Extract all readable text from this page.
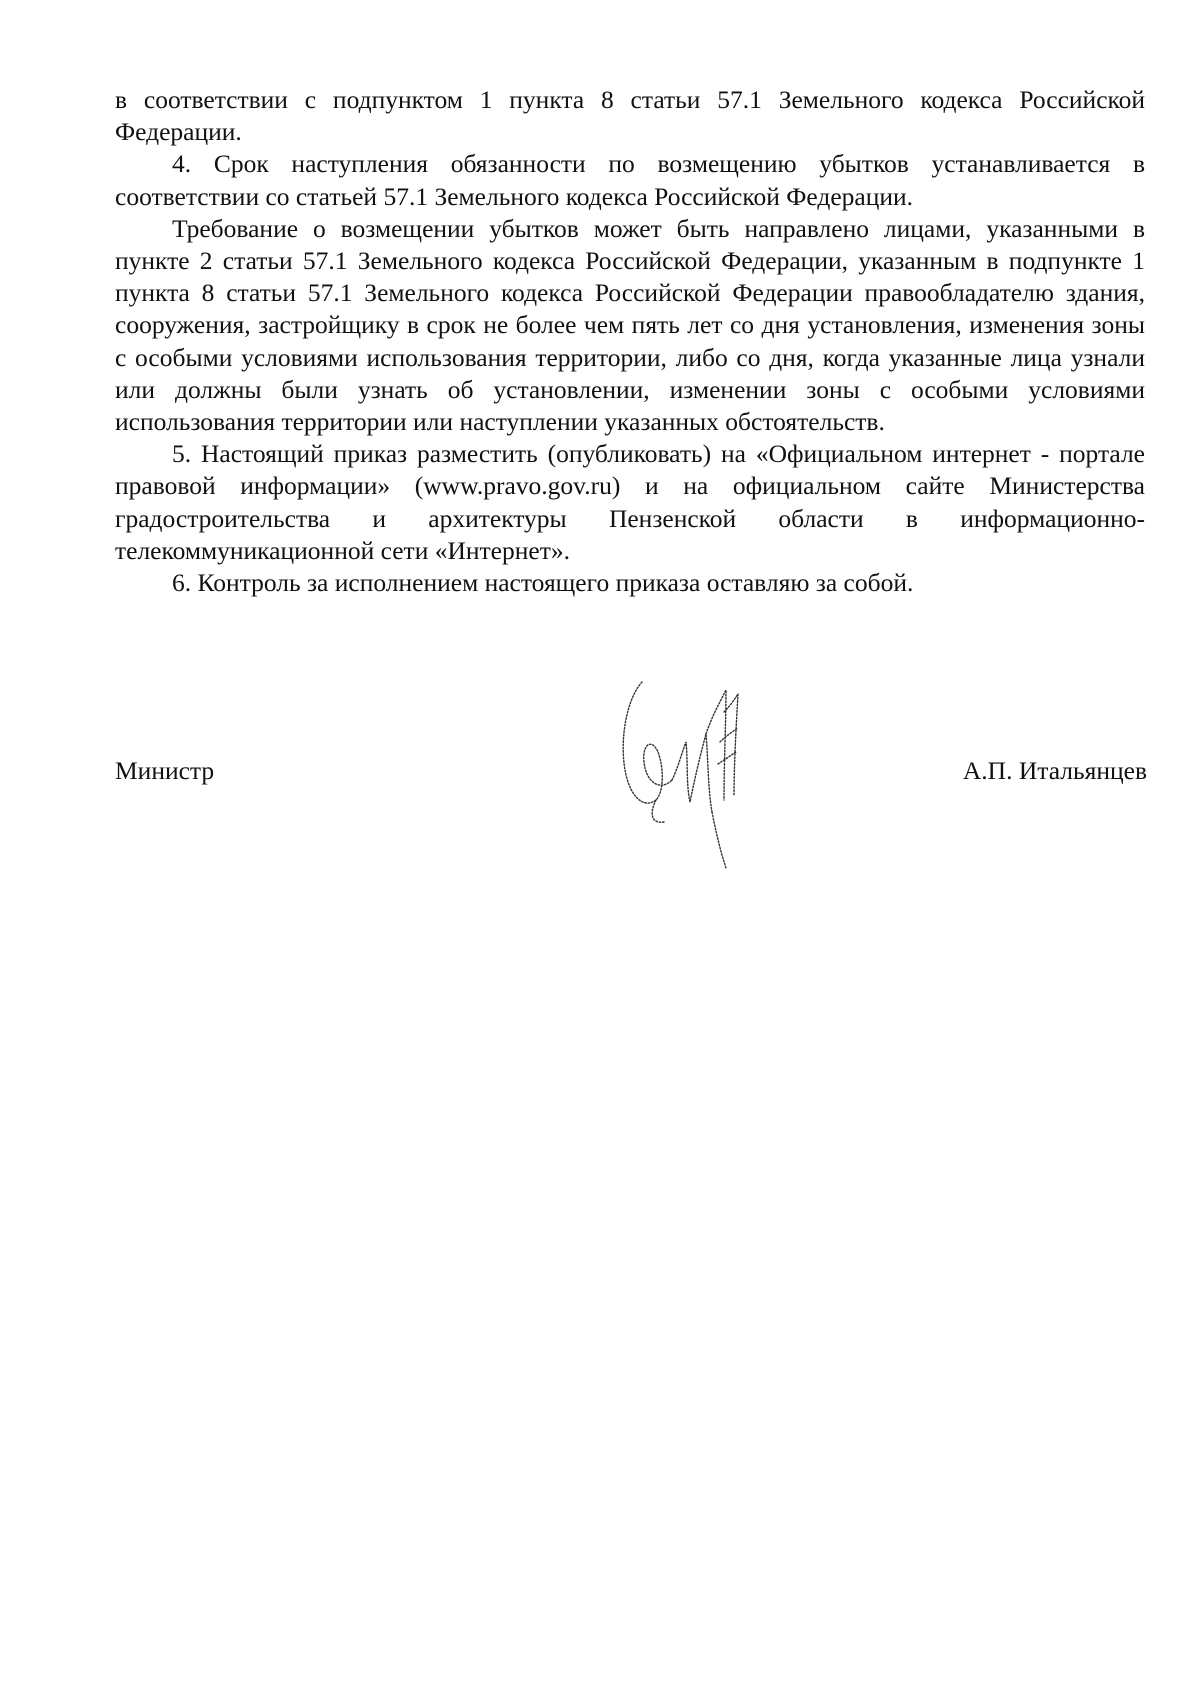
в соответствии с подпунктом 1 пункта 8 статьи 57.1 Земельного кодекса Российской Федерации.

4. Срок наступления обязанности по возмещению убытков устанавливается в соответствии со статьей 57.1 Земельного кодекса Российской Федерации.

Требование о возмещении убытков может быть направлено лицами, указанными в пункте 2 статьи 57.1 Земельного кодекса Российской Федерации, указанным в подпункте 1 пункта 8 статьи 57.1 Земельного кодекса Российской Федерации правообладателю здания, сооружения, застройщику в срок не более чем пять лет со дня установления, изменения зоны с особыми условиями использования территории, либо со дня, когда указанные лица узнали или должны были узнать об установлении, изменении зоны с особыми условиями использования территории или наступлении указанных обстоятельств.

5. Настоящий приказ разместить (опубликовать) на «Официальном интернет - портале правовой информации» (www.pravo.gov.ru) и на официальном сайте Министерства градостроительства и архитектуры Пензенской области в информационно-телекоммуникационной сети «Интернет».

6. Контроль за исполнением настоящего приказа оставляю за собой.

Министр	А.П. Итальянцев
